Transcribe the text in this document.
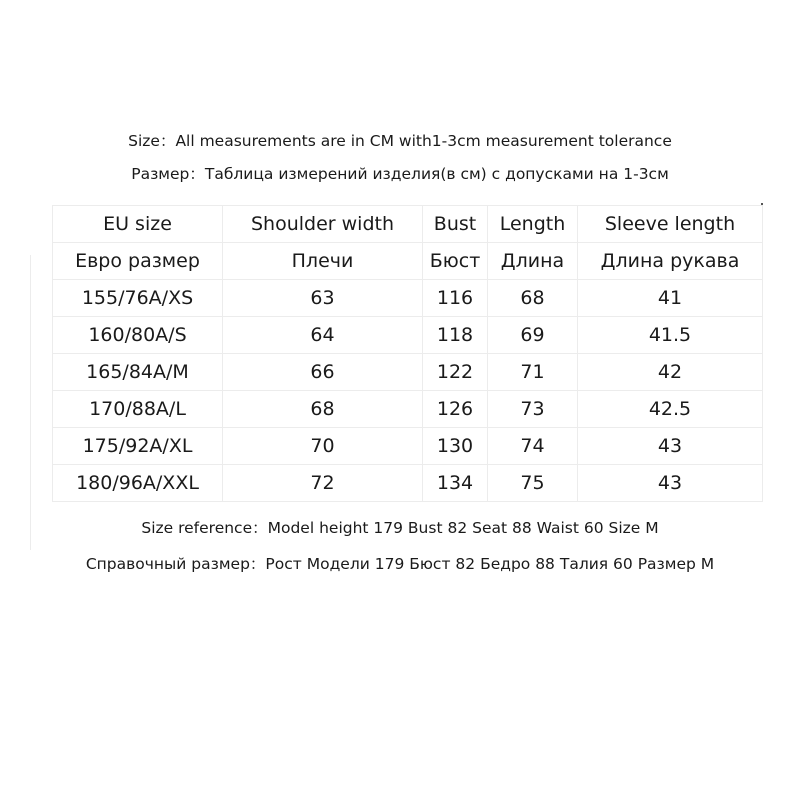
Size：All measurements are in CM with1-3cm measurement tolerance
Размер：Таблица измерений изделия(в см) с допусками на 1-3см
EU size	Shoulder width	Bust	Length	Sleeve length
Евро размер	Плечи	Бюст	Длина	Длина рукава
155/76A/XS	63	116	68	41
160/80A/S	64	118	69	41.5
165/84A/M	66	122	71	42
170/88A/L	68	126	73	42.5
175/92A/XL	70	130	74	43
180/96A/XXL	72	134	75	43
Size reference：Model height 179 Bust 82 Seat 88 Waist 60 Size M
Справочный размер：Рост Модели 179 Бюст 82 Бедро 88 Талия 60 Размер M
